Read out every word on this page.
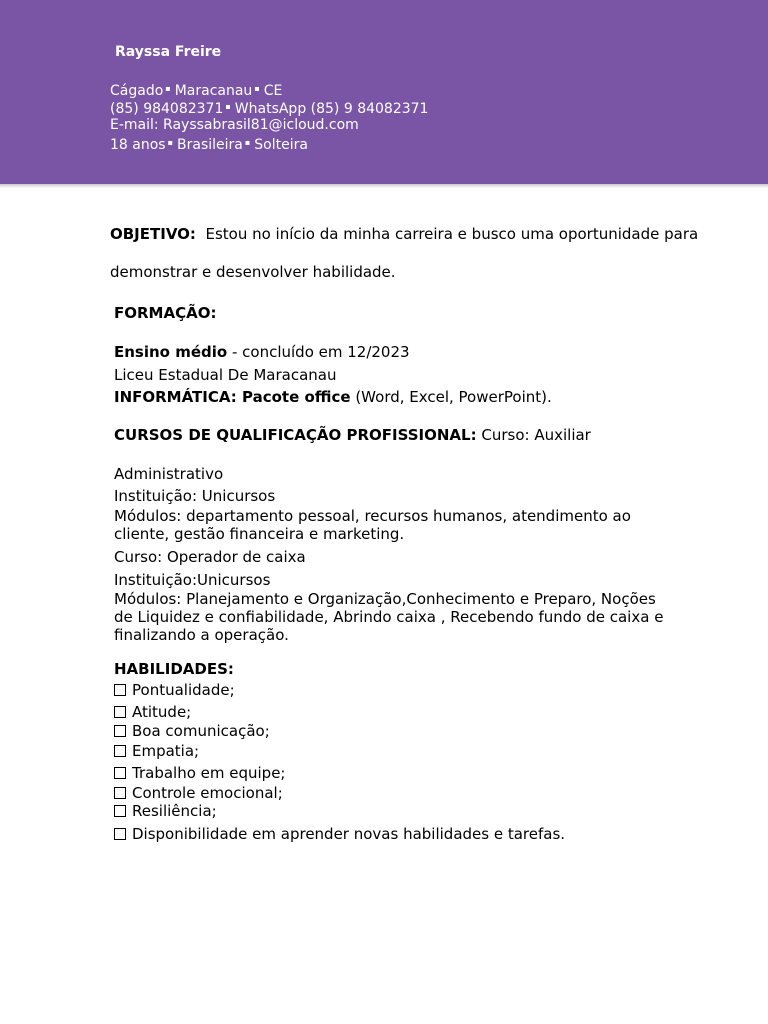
Rayssa Freire
Cágado ▪ Maracanau ▪ CE
(85) 984082371 ▪ WhatsApp (85) 9 84082371
E-mail: Rayssabrasil81@icloud.com
18 anos ▪ Brasileira ▪ Solteira
OBJETIVO: Estou no início da minha carreira e busco uma oportunidade para demonstrar e desenvolver habilidade.
FORMAÇÃO:
Ensino médio - concluído em 12/2023
Liceu Estadual De Maracanau
INFORMÁTICA: Pacote office (Word, Excel, PowerPoint).
CURSOS DE QUALIFICAÇÃO PROFISSIONAL: Curso: Auxiliar
Administrativo
Instituição: Unicursos
Módulos: departamento pessoal, recursos humanos, atendimento ao cliente, gestão financeira e marketing.
Curso: Operador de caixa
Instituição:Unicursos
Módulos: Planejamento e Organização,Conhecimento e Preparo, Noções de Liquidez e confiabilidade, Abrindo caixa , Recebendo fundo de caixa e finalizando a operação.
HABILIDADES:
Pontualidade;
Atitude;
Boa comunicação;
Empatia;
Trabalho em equipe;
Controle emocional;
Resiliência;
Disponibilidade em aprender novas habilidades e tarefas.
